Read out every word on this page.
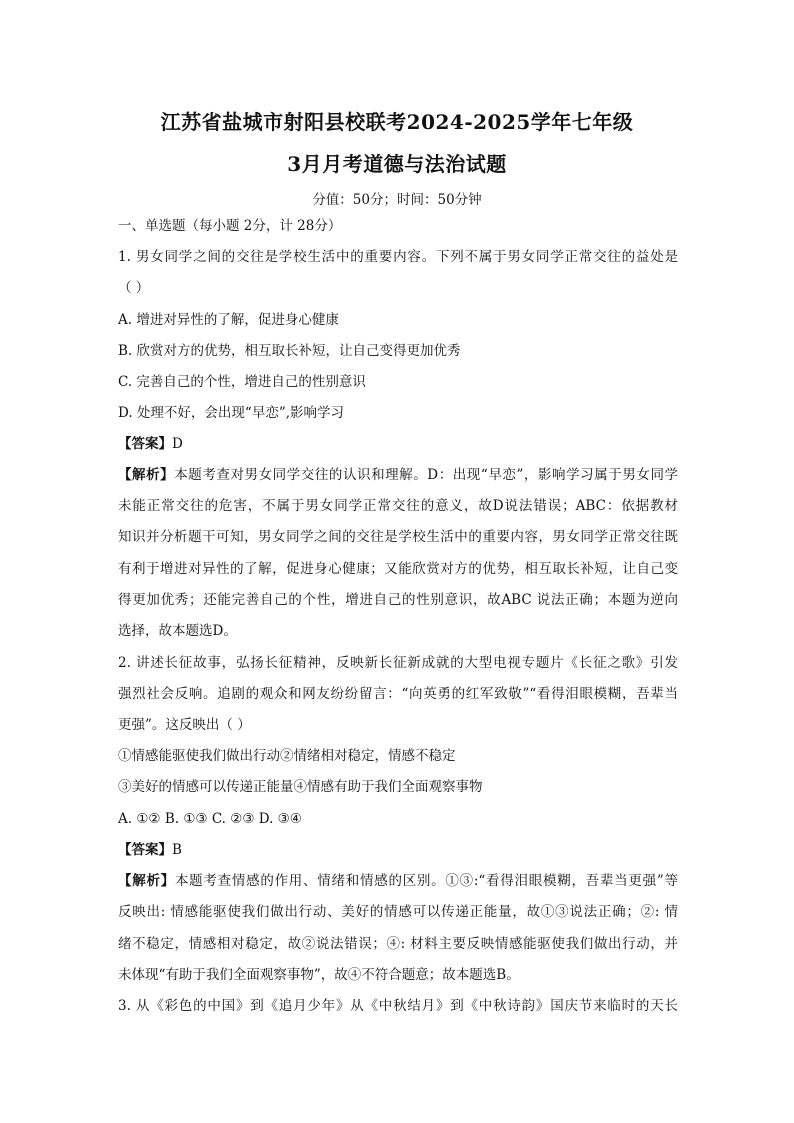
江苏省盐城市射阳县校联考2024-2025学年七年级
3月月考道德与法治试题
分值：50分；时间：50分钟
一、单选题（每小题 2分，计 28分）
1. 男女同学之间的交往是学校生活中的重要内容。下列不属于男女同学正常交往的益处是
（ ）
A. 增进对异性的了解，促进身心健康
B. 欣赏对方的优势，相互取长补短，让自己变得更加优秀
C. 完善自己的个性，增进自己的性别意识
D. 处理不好，会出现“早恋”,影响学习
【答案】D
【解析】本题考查对男女同学交往的认识和理解。D：出现“早恋”，影响学习属于男女同学
未能正常交往的危害，不属于男女同学正常交往的意义，故D说法错误；ABC：依据教材
知识并分析题干可知，男女同学之间的交往是学校生活中的重要内容，男女同学正常交往既
有利于增进对异性的了解，促进身心健康；又能欣赏对方的优势，相互取长补短，让自己变
得更加优秀；还能完善自己的个性，增进自己的性别意识，故ABC 说法正确；本题为逆向
选择，故本题选D。
2. 讲述长征故事，弘扬长征精神，反映新长征新成就的大型电视专题片《长征之歌》引发
强烈社会反响。追剧的观众和网友纷纷留言：“向英勇的红军致敬”“看得泪眼模糊，吾辈当
更强”。这反映出（ ）
①情感能驱使我们做出行动②情绪相对稳定，情感不稳定
③美好的情感可以传递正能量④情感有助于我们全面观察事物
A. ①② B. ①③ C. ②③ D. ③④
【答案】B
【解析】本题考查情感的作用、情绪和情感的区别。①③:“看得泪眼模糊，吾辈当更强”等
反映出: 情感能驱使我们做出行动、美好的情感可以传递正能量，故①③说法正确；②: 情
绪不稳定，情感相对稳定，故②说法错误；④: 材料主要反映情感能驱使我们做出行动，并
未体现“有助于我们全面观察事物”，故④不符合题意；故本题选B。
3. 从《彩色的中国》到《追月少年》从《中秋结月》到《中秋诗韵》国庆节来临时的天长
